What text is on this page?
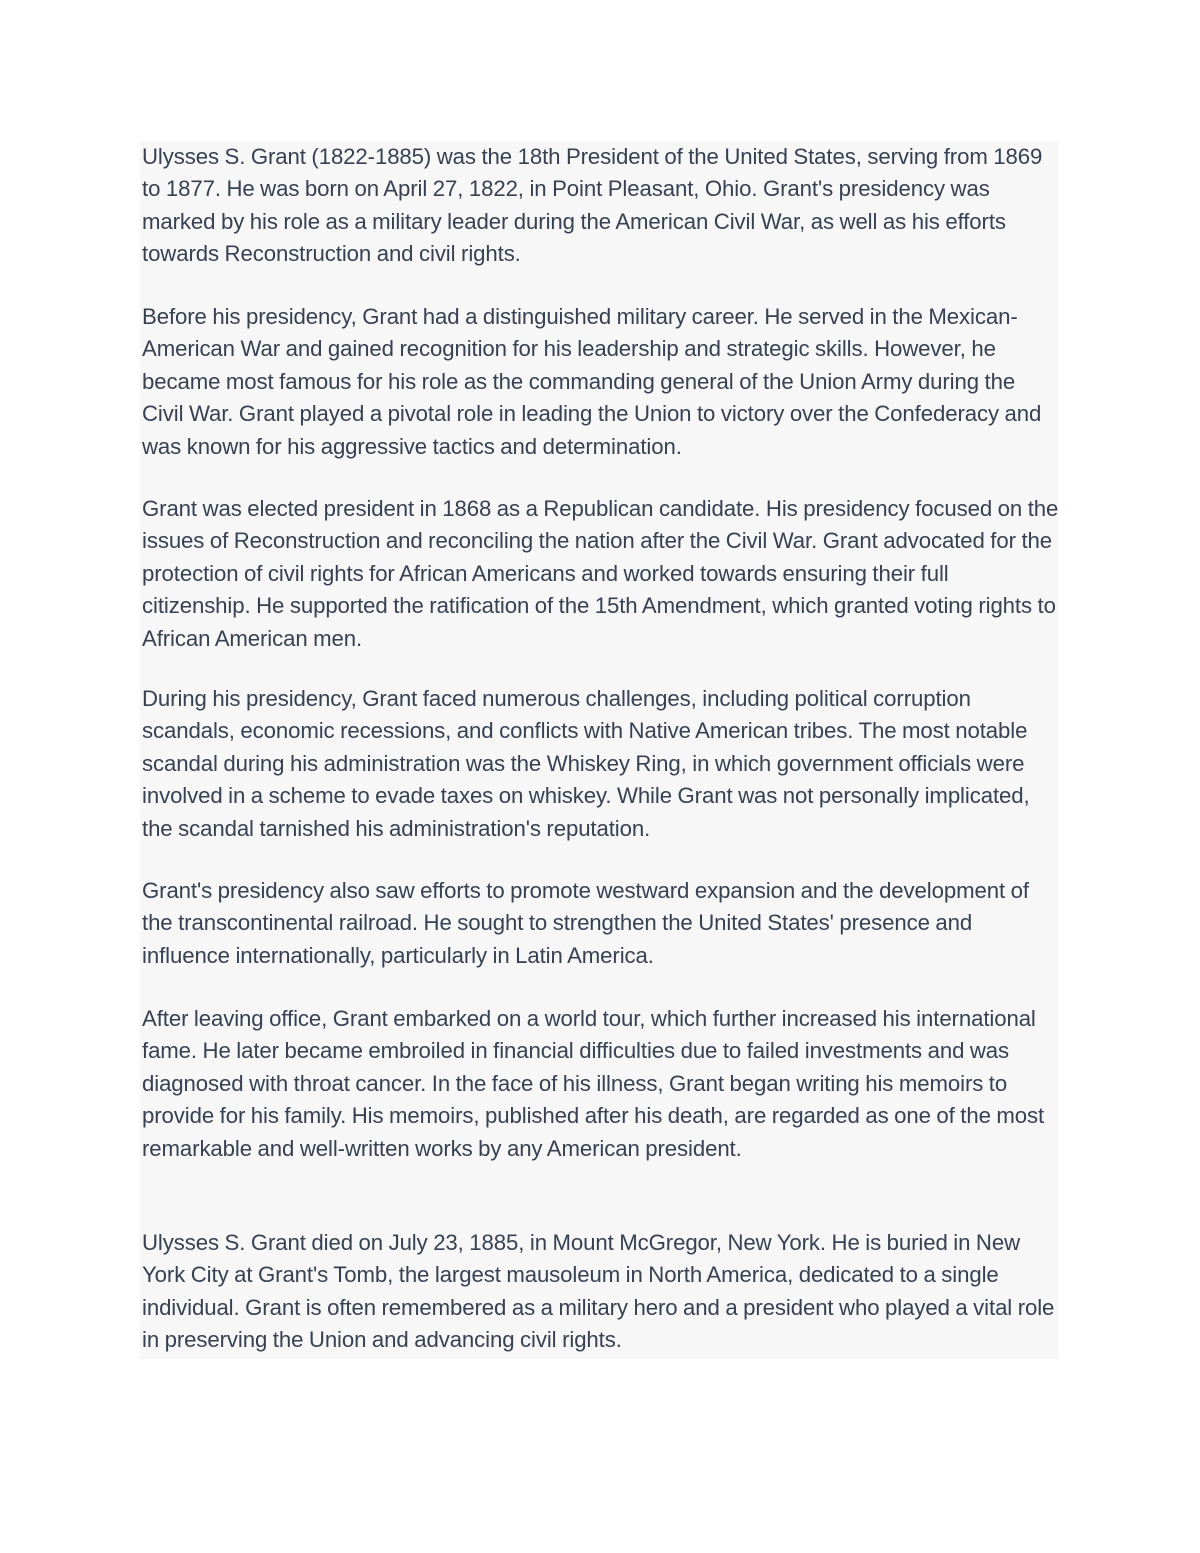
Ulysses S. Grant (1822-1885) was the 18th President of the United States, serving from 1869 to 1877. He was born on April 27, 1822, in Point Pleasant, Ohio. Grant's presidency was marked by his role as a military leader during the American Civil War, as well as his efforts towards Reconstruction and civil rights.

Before his presidency, Grant had a distinguished military career. He served in the Mexican-American War and gained recognition for his leadership and strategic skills. However, he became most famous for his role as the commanding general of the Union Army during the Civil War. Grant played a pivotal role in leading the Union to victory over the Confederacy and was known for his aggressive tactics and determination.

Grant was elected president in 1868 as a Republican candidate. His presidency focused on the issues of Reconstruction and reconciling the nation after the Civil War. Grant advocated for the protection of civil rights for African Americans and worked towards ensuring their full citizenship. He supported the ratification of the 15th Amendment, which granted voting rights to African American men.

During his presidency, Grant faced numerous challenges, including political corruption scandals, economic recessions, and conflicts with Native American tribes. The most notable scandal during his administration was the Whiskey Ring, in which government officials were involved in a scheme to evade taxes on whiskey. While Grant was not personally implicated, the scandal tarnished his administration's reputation.

Grant's presidency also saw efforts to promote westward expansion and the development of the transcontinental railroad. He sought to strengthen the United States' presence and influence internationally, particularly in Latin America.

After leaving office, Grant embarked on a world tour, which further increased his international fame. He later became embroiled in financial difficulties due to failed investments and was diagnosed with throat cancer. In the face of his illness, Grant began writing his memoirs to provide for his family. His memoirs, published after his death, are regarded as one of the most remarkable and well-written works by any American president.

Ulysses S. Grant died on July 23, 1885, in Mount McGregor, New York. He is buried in New York City at Grant's Tomb, the largest mausoleum in North America, dedicated to a single individual. Grant is often remembered as a military hero and a president who played a vital role in preserving the Union and advancing civil rights.
